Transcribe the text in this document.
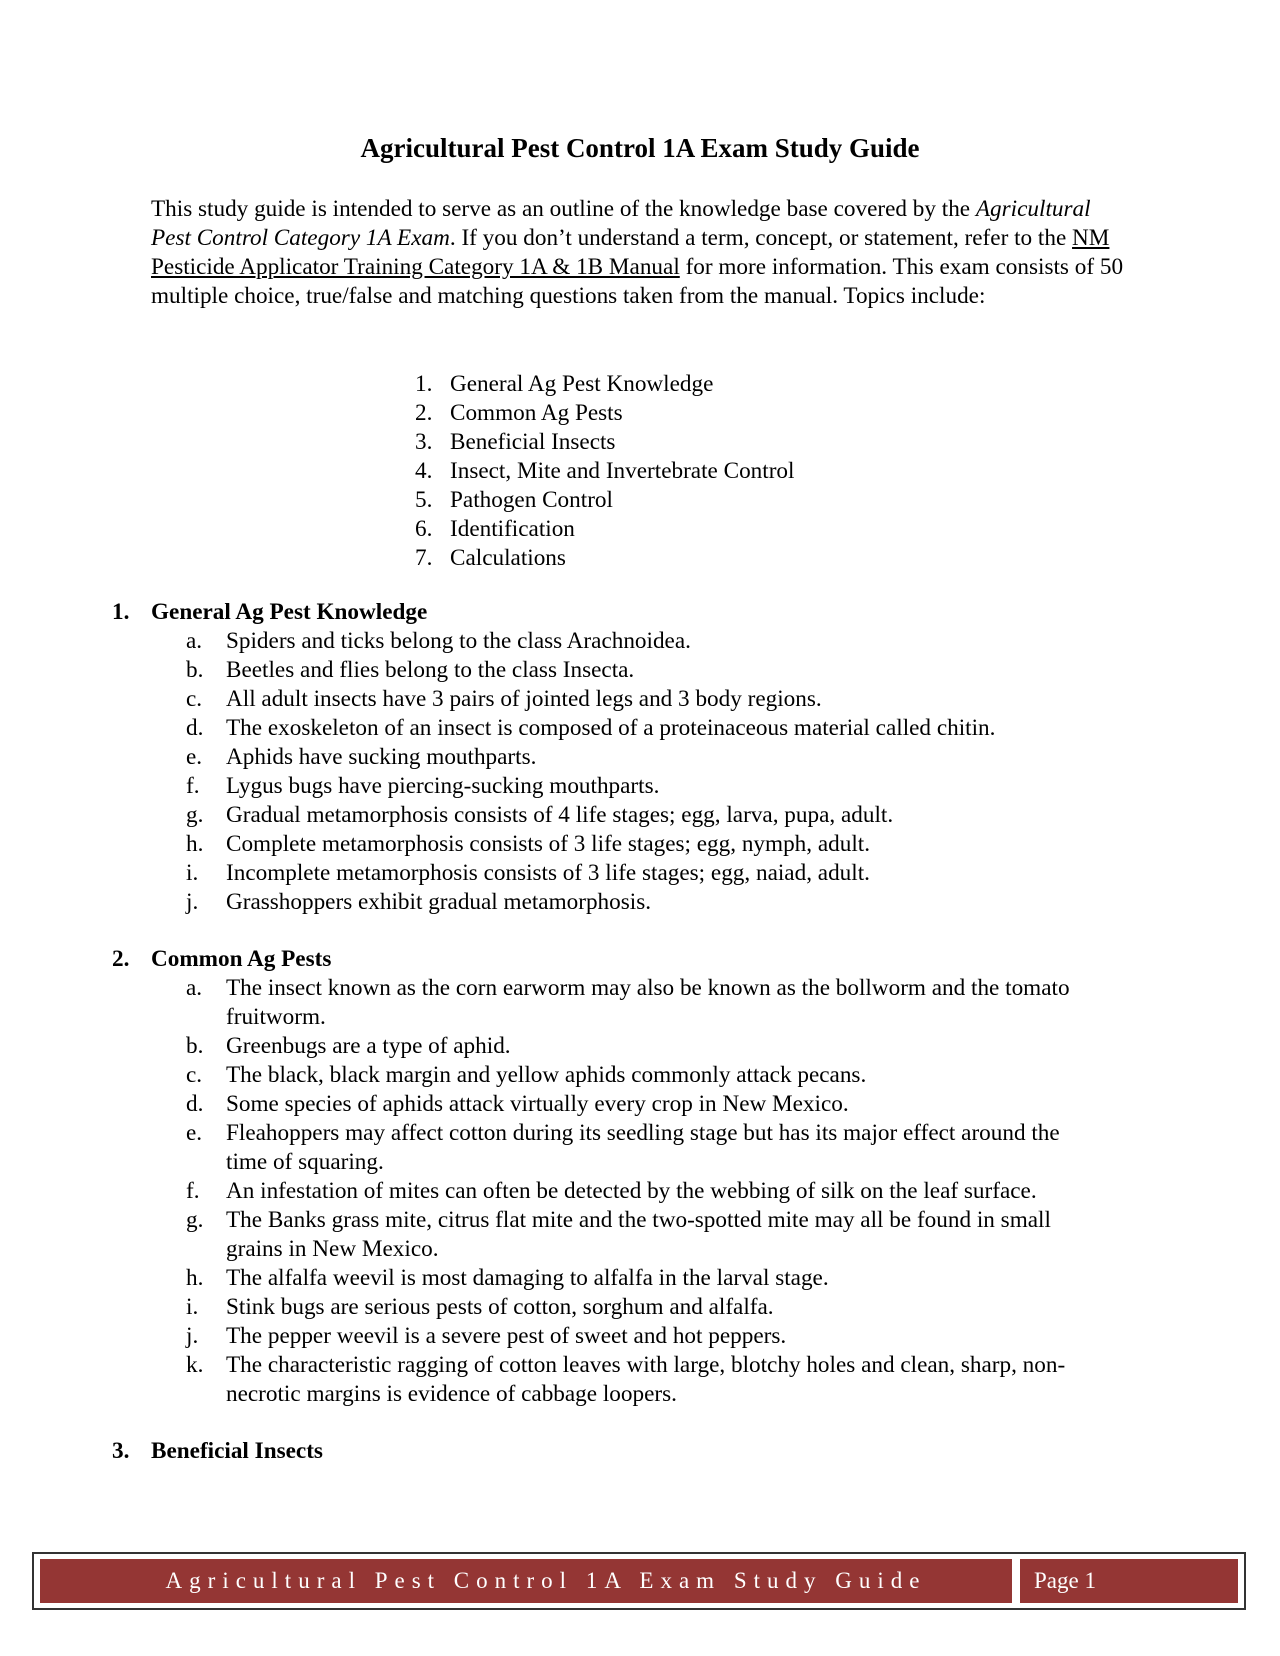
Agricultural Pest Control 1A Exam Study Guide

This study guide is intended to serve as an outline of the knowledge base covered by the Agricultural Pest Control Category 1A Exam. If you don’t understand a term, concept, or statement, refer to the NM Pesticide Applicator Training Category 1A & 1B Manual for more information. This exam consists of 50 multiple choice, true/false and matching questions taken from the manual. Topics include:

1. General Ag Pest Knowledge
2. Common Ag Pests
3. Beneficial Insects
4. Insect, Mite and Invertebrate Control
5. Pathogen Control
6. Identification
7. Calculations
1. General Ag Pest Knowledge
a.	Spiders and ticks belong to the class Arachnoidea.
b. Beetles and flies belong to the class Insecta.
c.	All adult insects have 3 pairs of jointed legs and 3 body regions.
d. The exoskeleton of an insect is composed of a proteinaceous material called chitin.
e.	Aphids have sucking mouthparts.
f.	Lygus bugs have piercing-sucking mouthparts.
g. Gradual metamorphosis consists of 4 life stages; egg, larva, pupa, adult.
h. Complete metamorphosis consists of 3 life stages; egg, nymph, adult.
i.	Incomplete metamorphosis consists of 3 life stages; egg, naiad, adult.
j.	Grasshoppers exhibit gradual metamorphosis.
2. Common Ag Pests
a.	The insect known as the corn earworm may also be known as the bollworm and the tomato fruitworm.
b. Greenbugs are a type of aphid.
c.	The black, black margin and yellow aphids commonly attack pecans.
d. Some species of aphids attack virtually every crop in New Mexico.
e.	Fleahoppers may affect cotton during its seedling stage but has its major effect around the time of squaring.
f.	An infestation of mites can often be detected by the webbing of silk on the leaf surface.
g. The Banks grass mite, citrus flat mite and the two-spotted mite may all be found in small grains in New Mexico.
h. The alfalfa weevil is most damaging to alfalfa in the larval stage.
i.	Stink bugs are serious pests of cotton, sorghum and alfalfa.
j.	The pepper weevil is a severe pest of sweet and hot peppers.
k. The characteristic ragging of cotton leaves with large, blotchy holes and clean, sharp, non-necrotic margins is evidence of cabbage loopers.
3. Beneficial Insects
Agricultural Pest Control 1A Exam Study Guide	Page 1
